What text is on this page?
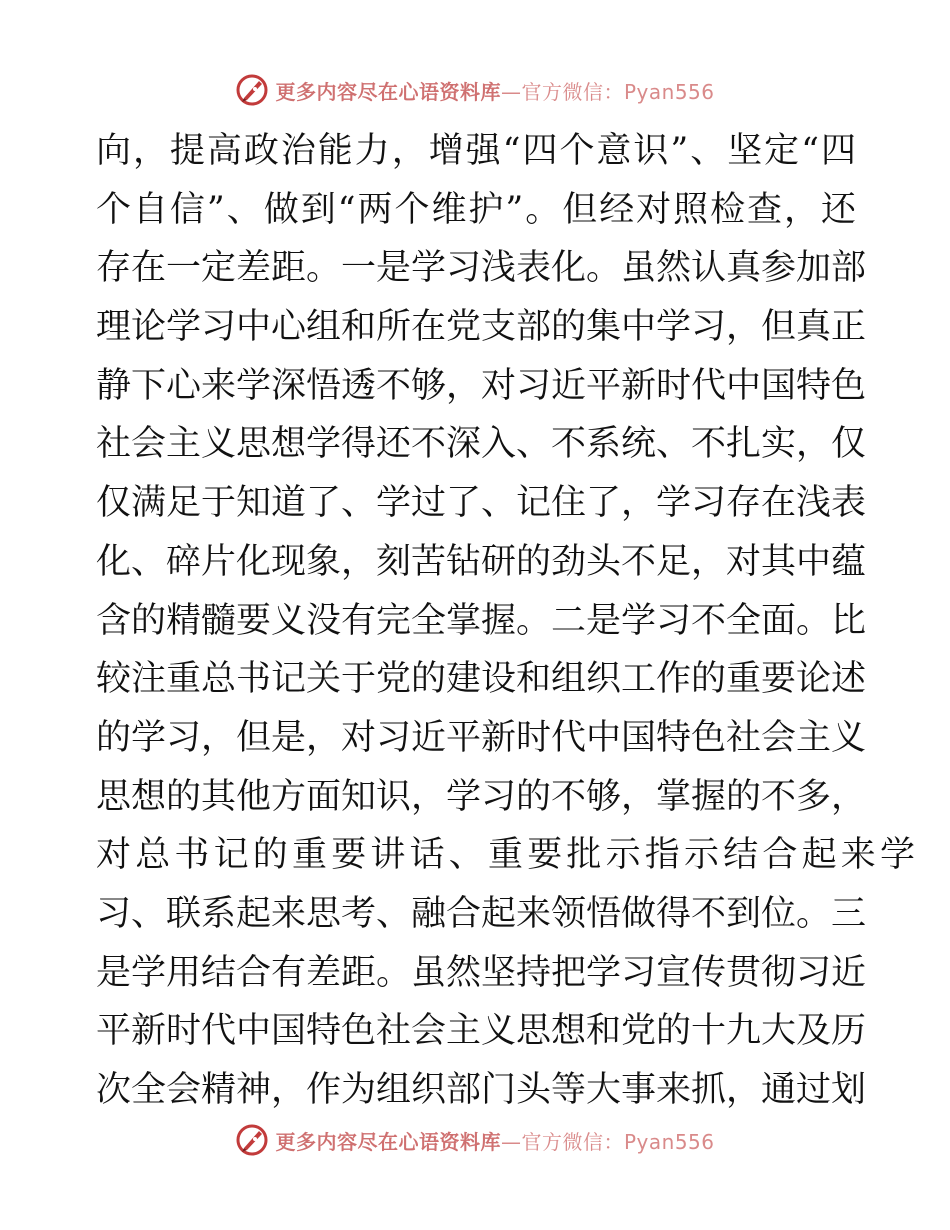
更多内容尽在心语资料库—官方微信：Pyan556
向，提高政治能力，增强“四个意识”、坚定“四
个自信”、做到“两个维护”。但经对照检查，还
存在一定差距。一是学习浅表化。虽然认真参加部
理论学习中心组和所在党支部的集中学习，但真正
静下心来学深悟透不够，对习近平新时代中国特色
社会主义思想学得还不深入、不系统、不扎实，仅
仅满足于知道了、学过了、记住了，学习存在浅表
化、碎片化现象，刻苦钻研的劲头不足，对其中蕴
含的精髓要义没有完全掌握。二是学习不全面。比
较注重总书记关于党的建设和组织工作的重要论述
的学习，但是，对习近平新时代中国特色社会主义
思想的其他方面知识，学习的不够，掌握的不多，
对总书记的重要讲话、重要批示指示结合起来学
习、联系起来思考、融合起来领悟做得不到位。三
是学用结合有差距。虽然坚持把学习宣传贯彻习近
平新时代中国特色社会主义思想和党的十九大及历
次全会精神，作为组织部门头等大事来抓，通过划
更多内容尽在心语资料库—官方微信：Pyan556
